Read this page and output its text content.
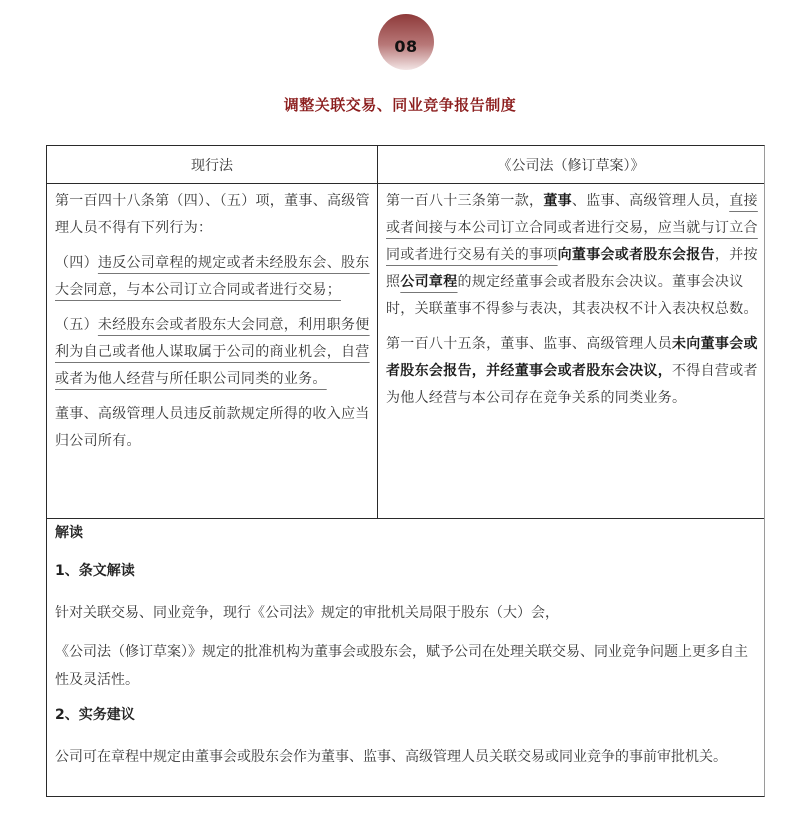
08
调整关联交易、同业竞争报告制度
现行法	《公司法（修订草案）》

第一百四十八条第（四）、（五）项，董事、高级管理人员不得有下列行为：

（四）违反公司章程的规定或者未经股东会、股东大会同意，与本公司订立合同或者进行交易；

（五）未经股东会或者股东大会同意，利用职务便利为自己或者他人谋取属于公司的商业机会，自营或者为他人经营与所任职公司同类的业务。

董事、高级管理人员违反前款规定所得的收入应当归公司所有。

第一百八十三条第一款，董事、监事、高级管理人员，直接或者间接与本公司订立合同或者进行交易，应当就与订立合同或者进行交易有关的事项向董事会或者股东会报告，并按照公司章程的规定经董事会或者股东会决议。董事会决议时，关联董事不得参与表决，其表决权不计入表决权总数。

第一百八十五条，董事、监事、高级管理人员未向董事会或者股东会报告，并经董事会或者股东会决议，不得自营或者为他人经营与本公司存在竞争关系的同类业务。

解读
1、条文解读

针对关联交易、同业竞争，现行《公司法》规定的审批机关局限于股东（大）会，

《公司法（修订草案）》规定的批准机构为董事会或股东会，赋予公司在处理关联交易、同业竞争问题上更多自主性及灵活性。

2、实务建议

公司可在章程中规定由董事会或股东会作为董事、监事、高级管理人员关联交易或同业竞争的事前审批机关。
